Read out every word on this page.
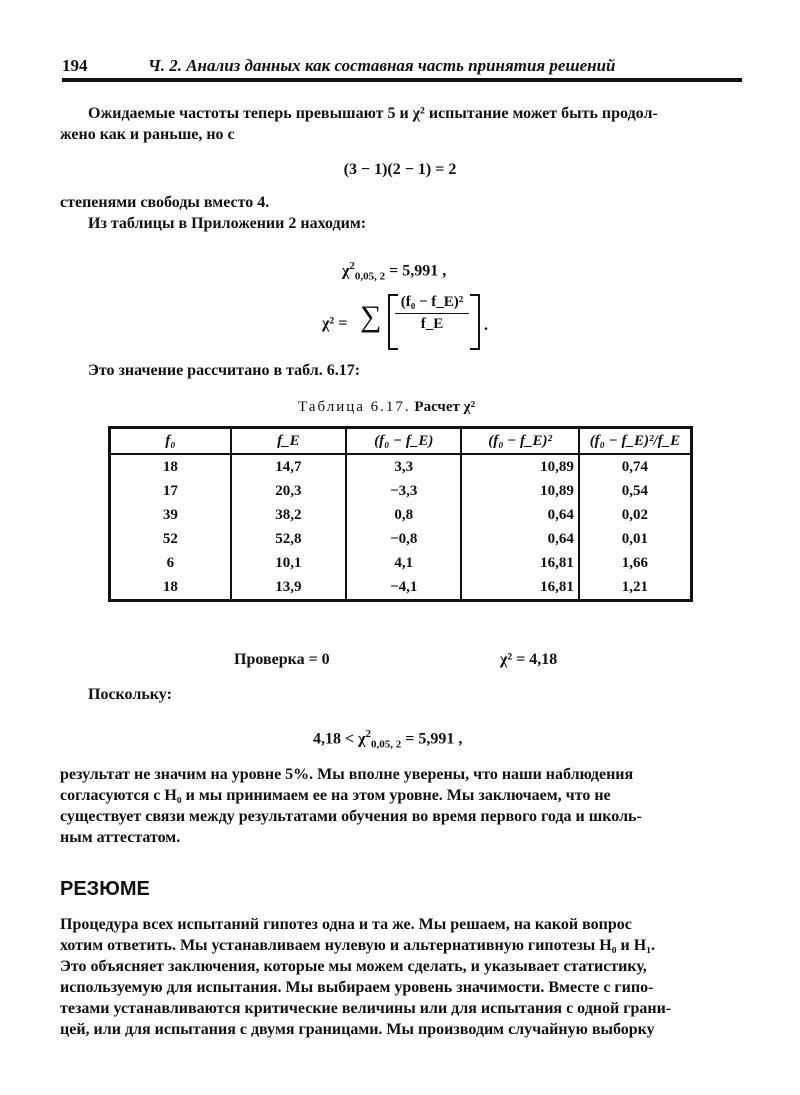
194	Ч. 2. Анализ данных как составная часть принятия решений
Ожидаемые частоты теперь превышают 5 и χ² испытание может быть продол-
жено как и раньше, но с
(3 − 1)(2 − 1) = 2
степенями свободы вместо 4.
Из таблицы в Приложении 2 находим:
$\chi^2_{0,05, 2} = 5,991$ ,
χ² = ∑	(f₀ − f_E)²
f_E	.
Это значение рассчитано в табл. 6.17:
Таблица 6.17. Расчет χ²
f₀	f_E	(f₀ − f_E)	(f₀ − f_E)²	(f₀ − f_E)²/f_E
18	14,7	3,3	10,89	0,74
17	20,3	−3,3	10,89	0,54
39	38,2	0,8	0,64	0,02
52	52,8	−0,8	0,64	0,01
6	10,1	4,1	16,81	1,66
18	13,9	−4,1	16,81	1,21
Проверка = 0	χ² = 4,18
Поскольку:
$4,18 < \chi^2_{0,05, 2} = 5,991$ ,
результат не значим на уровне 5%. Мы вполне уверены, что наши наблюдения
согласуются с H₀ и мы принимаем ее на этом уровне. Мы заключаем, что не
существует связи между результатами обучения во время первого года и школь-
ным аттестатом.
РЕЗЮМЕ
Процедура всех испытаний гипотез одна и та же. Мы решаем, на какой вопрос
хотим ответить. Мы устанавливаем нулевую и альтернативную гипотезы H₀ и H₁.
Это объясняет заключения, которые мы можем сделать, и указывает статистику,
используемую для испытания. Мы выбираем уровень значимости. Вместе с гипо-
тезами устанавливаются критические величины или для испытания с одной грани-
цей, или для испытания с двумя границами. Мы производим случайную выборку
